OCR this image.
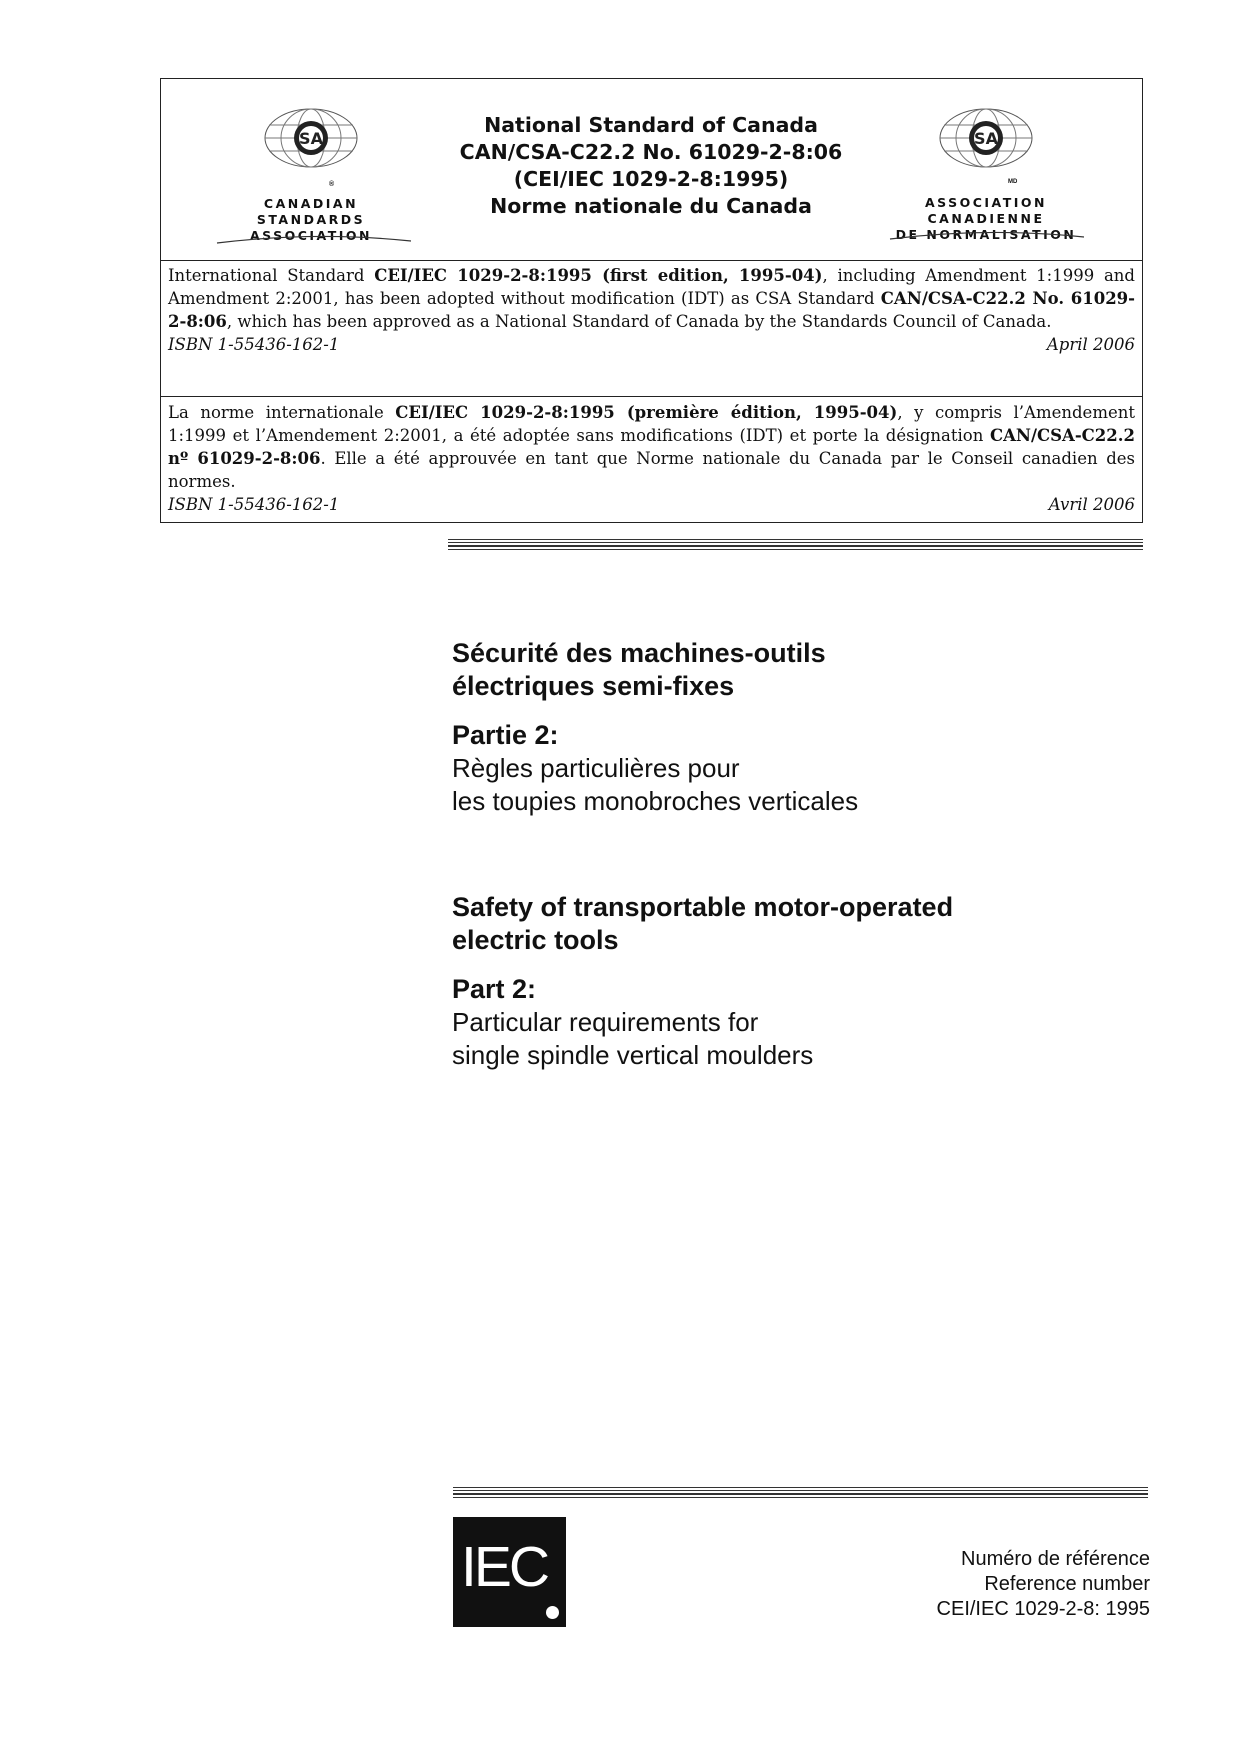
SA
®
CANADIAN STANDARDS
ASSOCIATION
National Standard of Canada
CAN/CSA-C22.2 No. 61029-2-8:06
(CEI/IEC 1029-2-8:1995)
Norme nationale du Canada
SA
MD
ASSOCIATION CANADIENNE
DE NORMALISATION
International Standard CEI/IEC 1029-2-8:1995 (first edition, 1995-04), including Amendment 1:1999 and Amendment 2:2001, has been adopted without modification (IDT) as CSA Standard CAN/CSA-C22.2 No. 61029-2-8:06, which has been approved as a National Standard of Canada by the Standards Council of Canada.
ISBN 1-55436-162-1	April 2006
La norme internationale CEI/IEC 1029-2-8:1995 (première édition, 1995-04), y compris l’Amendement 1:1999 et l’Amendement 2:2001, a été adoptée sans modifications (IDT) et porte la désignation CAN/CSA-C22.2 nº 61029-2-8:06. Elle a été approuvée en tant que Norme nationale du Canada par le Conseil canadien des normes.
ISBN 1-55436-162-1	Avril 2006
Sécurité des machines-outils
électriques semi-fixes
Partie 2:
Règles particulières pour
les toupies monobroches verticales
Safety of transportable motor-operated
electric tools
Part 2:
Particular requirements for
single spindle vertical moulders
IEC	Numéro de référence
Reference number
CEI/IEC 1029-2-8: 1995
